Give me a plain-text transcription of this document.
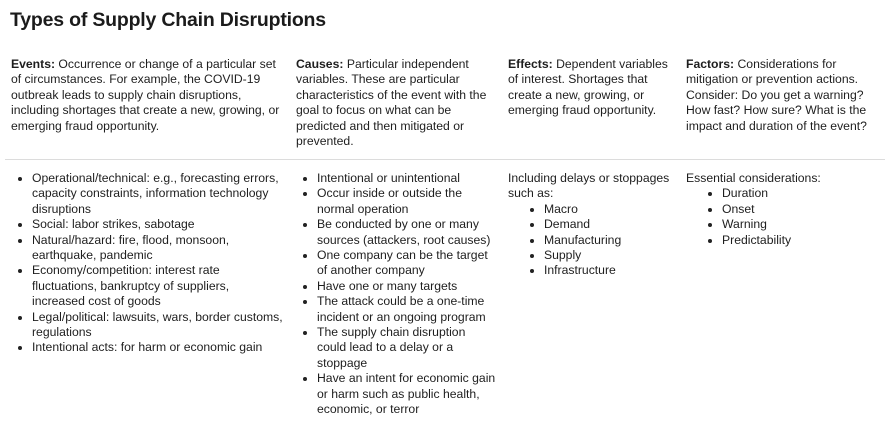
Types of Supply Chain Disruptions

Events: Occurrence or change of a particular set of circumstances. For example, the COVID-19 outbreak leads to supply chain disruptions, including shortages that create a new, growing, or emerging fraud opportunity.

Causes: Particular independent variables. These are particular characteristics of the event with the goal to focus on what can be predicted and then mitigated or prevented.

Effects: Dependent variables of interest. Shortages that create a new, growing, or emerging fraud opportunity.

Factors: Considerations for mitigation or prevention actions. Consider: Do you get a warning? How fast? How sure? What is the impact and duration of the event?

Operational/technical: e.g., forecasting errors, capacity constraints, information technology disruptions
Social: labor strikes, sabotage
Natural/hazard: fire, flood, monsoon, earthquake, pandemic
Economy/competition: interest rate fluctuations, bankruptcy of suppliers, increased cost of goods
Legal/political: lawsuits, wars, border customs, regulations
Intentional acts: for harm or economic gain
Intentional or unintentional
Occur inside or outside the normal operation
Be conducted by one or many sources (attackers, root causes)
One company can be the target of another company
Have one or many targets
The attack could be a one-time incident or an ongoing program
The supply chain disruption could lead to a delay or a stoppage
Have an intent for economic gain or harm such as public health, economic, or terror

Including delays or stoppages such as:

Macro
Demand
Manufacturing
Supply
Infrastructure

Essential considerations:

Duration
Onset
Warning
Predictability
